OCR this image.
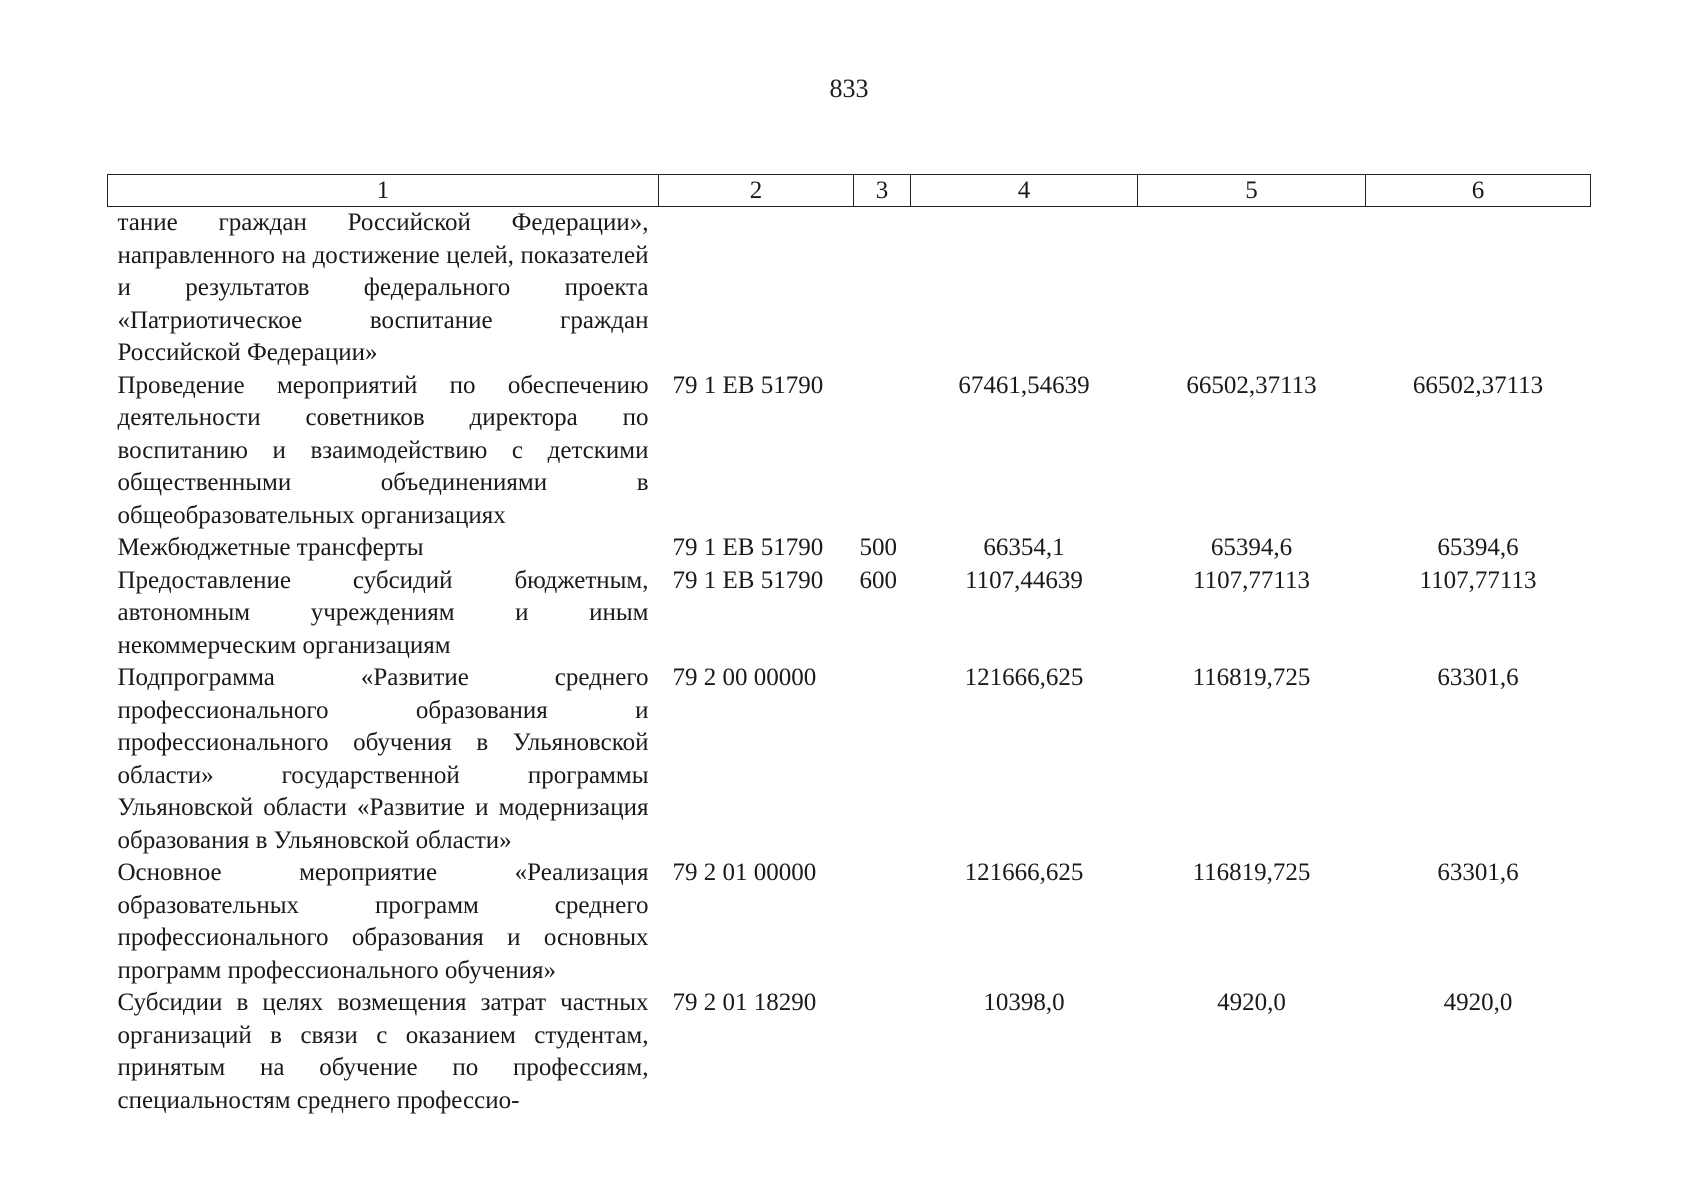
833
1	2	3	4	5	6
тание граждан Российской Федерации», направленного на достижение целей, показателей и результатов федерального проекта «Патриотическое воспитание граждан Российской Федерации»					
Проведение мероприятий по обеспечению деятельности советников директора по воспитанию и взаимодействию с детскими общественными объединениями в общеобразовательных организациях	79 1 EB 51790		67461,54639	66502,37113	66502,37113
Межбюджетные трансферты	79 1 EB 51790	500	66354,1	65394,6	65394,6
Предоставление субсидий бюджетным, автономным учреждениям и иным некоммерческим организациям	79 1 EB 51790	600	1107,44639	1107,77113	1107,77113
Подпрограмма «Развитие среднего профессионального образования и профессионального обучения в Ульяновской области» государственной программы Ульяновской области «Развитие и модернизация образования в Ульяновской области»	79 2 00 00000		121666,625	116819,725	63301,6
Основное мероприятие «Реализация образовательных программ среднего профессионального образования и основных программ профессионального обучения»	79 2 01 00000		121666,625	116819,725	63301,6
Субсидии в целях возмещения затрат частных организаций в связи с оказанием студентам, принятым на обучение по профессиям, специальностям среднего профессио-	79 2 01 18290		10398,0	4920,0	4920,0
